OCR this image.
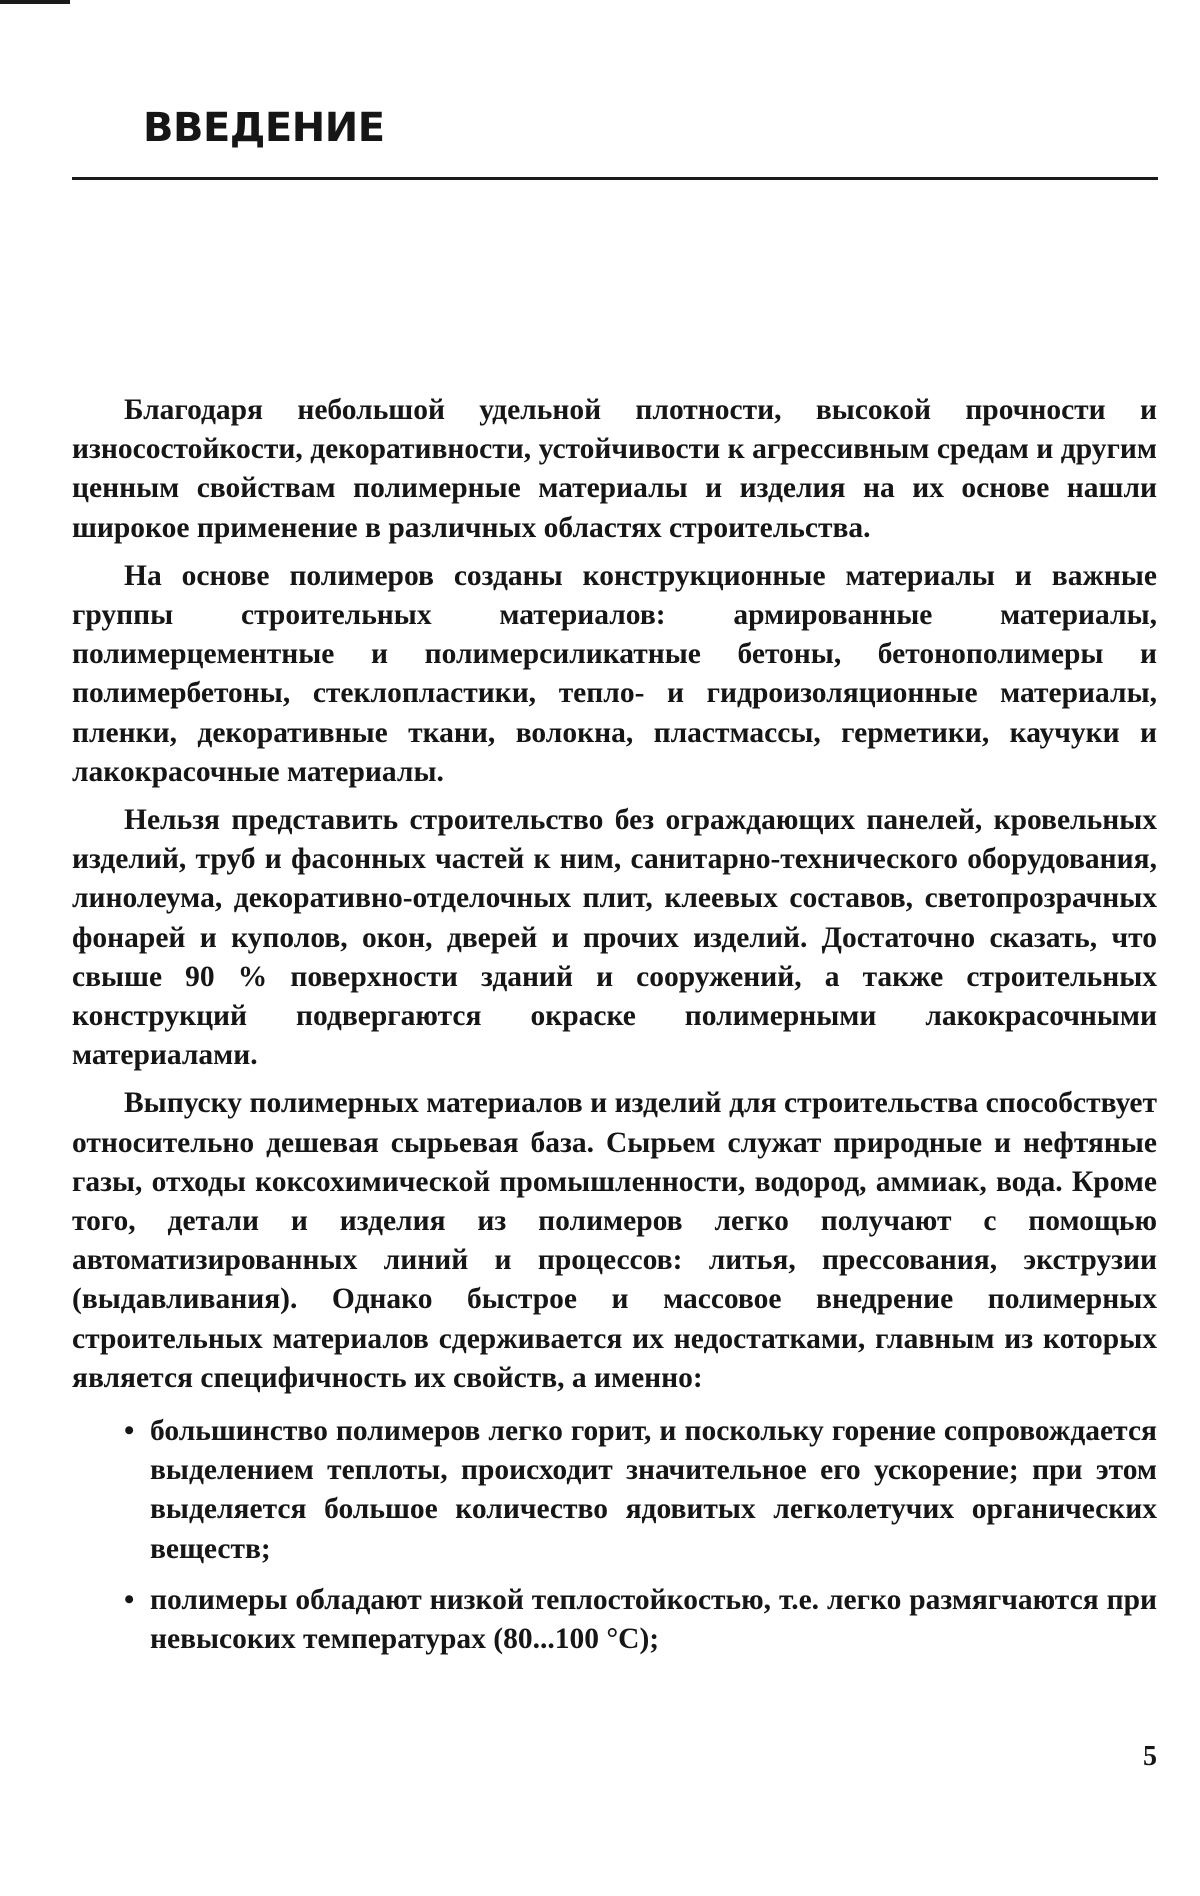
ВВЕДЕНИЕ

Благодаря небольшой удельной плотности, высокой прочности и износостойкости, декоративности, устойчивости к агрессивным средам и другим ценным свойствам полимерные материалы и изделия на их основе нашли широкое применение в различных областях строительства.

На основе полимеров созданы конструкционные материалы и важные группы строительных материалов: армированные материалы, полимерцементные и полимерсиликатные бетоны, бетонополимеры и полимербетоны, стеклопластики, тепло- и гидроизоляционные материалы, пленки, декоративные ткани, волокна, пластмассы, герметики, каучуки и лакокрасочные материалы.

Нельзя представить строительство без ограждающих панелей, кровельных изделий, труб и фасонных частей к ним, санитарно-технического оборудования, линолеума, декоративно-отделочных плит, клеевых составов, светопрозрачных фонарей и куполов, окон, дверей и прочих изделий. Достаточно сказать, что свыше 90 % поверхности зданий и сооружений, а также строительных конструкций подвергаются окраске полимерными лакокрасочными материалами.

Выпуску полимерных материалов и изделий для строительства способствует относительно дешевая сырьевая база. Сырьем служат природные и нефтяные газы, отходы коксохимической промышленности, водород, аммиак, вода. Кроме того, детали и изделия из полимеров легко получают с помощью автоматизированных линий и процессов: литья, прессования, экструзии (выдавливания). Однако быстрое и массовое внедрение полимерных строительных материалов сдерживается их недостатками, главным из которых является специфичность их свойств, а именно:

• большинство полимеров легко горит, и поскольку горение сопровождается выделением теплоты, происходит значительное его ускорение; при этом выделяется большое количество ядовитых легколетучих органических веществ;
• полимеры обладают низкой теплостойкостью, т.е. легко размягчаются при невысоких температурах (80...100 °С);
5
